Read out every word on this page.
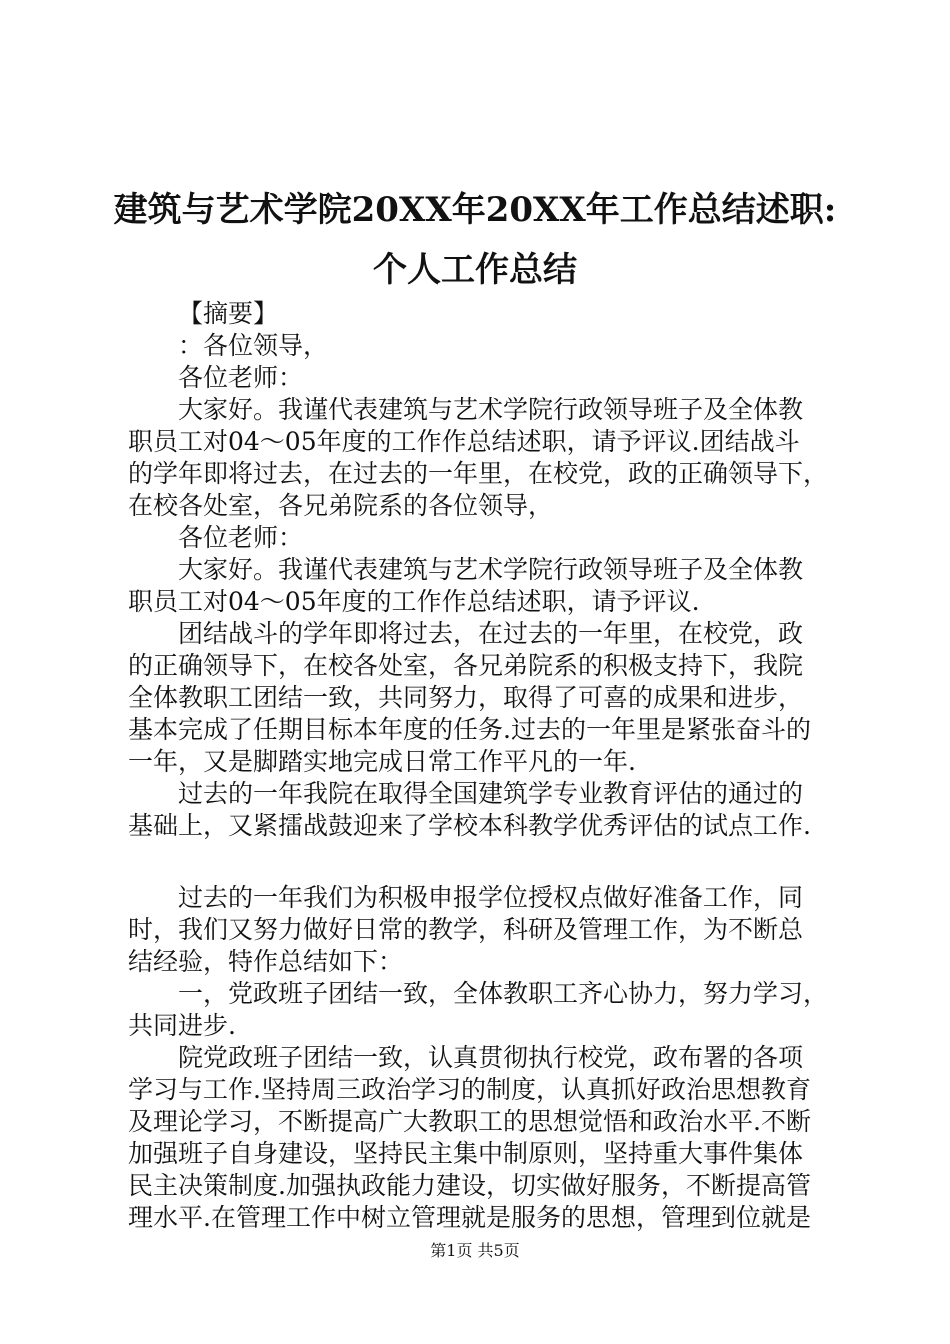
建筑与艺术学院20XX年20XX年工作总结述职:
个人工作总结
【摘要】
：各位领导，
各位老师：
大家好。我谨代表建筑与艺术学院行政领导班子及全体教
职员工对04～05年度的工作作总结述职，请予评议.团结战斗
的学年即将过去，在过去的一年里，在校党，政的正确领导下，
在校各处室，各兄弟院系的各位领导，
各位老师：
大家好。我谨代表建筑与艺术学院行政领导班子及全体教
职员工对04～05年度的工作作总结述职，请予评议.
团结战斗的学年即将过去，在过去的一年里，在校党，政
的正确领导下，在校各处室，各兄弟院系的积极支持下，我院
全体教职工团结一致，共同努力，取得了可喜的成果和进步，
基本完成了任期目标本年度的任务.过去的一年里是紧张奋斗的
一年，又是脚踏实地完成日常工作平凡的一年.
过去的一年我院在取得全国建筑学专业教育评估的通过的
基础上，又紧擂战鼓迎来了学校本科教学优秀评估的试点工作.
过去的一年我们为积极申报学位授权点做好准备工作，同
时，我们又努力做好日常的教学，科研及管理工作，为不断总
结经验，特作总结如下：
一，党政班子团结一致，全体教职工齐心协力，努力学习，
共同进步.
院党政班子团结一致，认真贯彻执行校党，政布署的各项
学习与工作.坚持周三政治学习的制度，认真抓好政治思想教育
及理论学习，不断提高广大教职工的思想觉悟和政治水平.不断
加强班子自身建设，坚持民主集中制原则，坚持重大事件集体
民主决策制度.加强执政能力建设，切实做好服务，不断提高管
理水平.在管理工作中树立管理就是服务的思想，管理到位就是
第1页 共5页
